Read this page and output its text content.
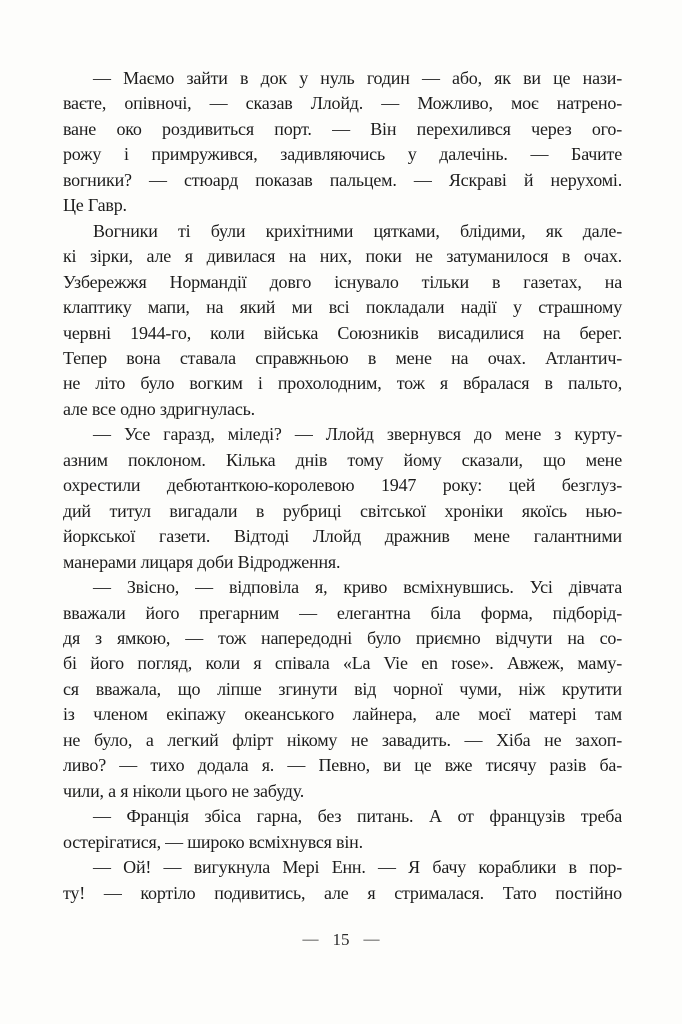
— Маємо зайти в док у нуль годин — або, як ви це нази-
ваєте, опівночі, — сказав Ллойд. — Можливо, моє натрено-
ване око роздивиться порт. — Він перехилився через ого-
рожу і примружився, задивляючись у далечінь. — Бачите
вогники? — стюард показав пальцем. — Яскраві й нерухомі.
Це Гавр.

Вогники ті були крихітними цятками, блідими, як дале-
кі зірки, але я дивилася на них, поки не затуманилося в очах.
Узбережжя Нормандії довго існувало тільки в газетах, на
клаптику мапи, на який ми всі покладали надії у страшному
червні 1944-го, коли війська Союзників висадилися на берег.
Тепер вона ставала справжньою в мене на очах. Атлантич-
не літо було вогким і прохолодним, тож я вбралася в пальто,
але все одно здригнулась.

— Усе гаразд, міледі? — Ллойд звернувся до мене з курту-
азним поклоном. Кілька днів тому йому сказали, що мене
охрестили дебютанткою-королевою 1947 року: цей безглуз-
дий титул вигадали в рубриці світської хроніки якоїсь нью-
йоркської газети. Відтоді Ллойд дражнив мене галантними
манерами лицаря доби Відродження.

— Звісно, — відповіла я, криво всміхнувшись. Усі дівчата
вважали його прегарним — елегантна біла форма, підборід-
дя з ямкою, — тож напередодні було приємно відчути на со-
бі його погляд, коли я співала «La Vie en rose». Авжеж, маму-
ся вважала, що ліпше згинути від чорної чуми, ніж крутити
із членом екіпажу океанського лайнера, але моєї матері там
не було, а легкий флірт нікому не завадить. — Хіба не захоп-
ливо? — тихо додала я. — Певно, ви це вже тисячу разів ба-
чили, а я ніколи цього не забуду.

— Франція збіса гарна, без питань. А от французів треба
остерігатися, — широко всміхнувся він.

— Ой! — вигукнула Мері Енн. — Я бачу кораблики в пор-
ту! — кортіло подивитись, але я стрималася. Тато постійно

— 15 —
